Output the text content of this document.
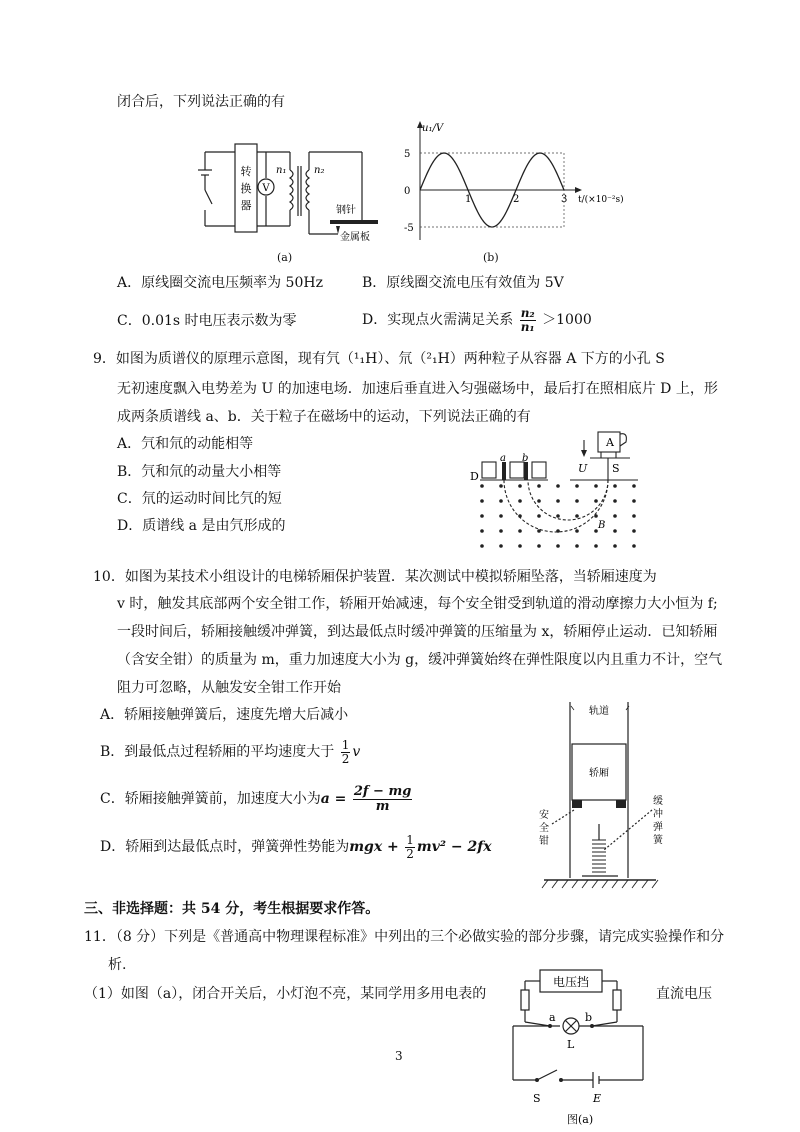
闭合后，下列说法正确的有
转
换
器
V
n₁	n₂
钢针
金属板
(a)
1	2	3
5
0
-5
u₁/V
t/(×10⁻²s)
(b)
A．原线圈交流电压频率为 50Hz	B．原线圈交流电压有效值为 5V
C．0.01s 时电压表示数为零	D．实现点火需满足关系 $\frac{\text{n₂}}{\text{n₁}} >1000$
9．如图为质谱仪的原理示意图，现有氕（¹₁H）、氘（²₁H）两种粒子从容器 A 下方的小孔 S
无初速度飘入电势差为 U 的加速电场．加速后垂直进入匀强磁场中，最后打在照相底片 D 上，形
成两条质谱线 a、b．关于粒子在磁场中的运动，下列说法正确的有
A．氕和氘的动能相等
B．氕和氘的动量大小相等
C．氘的运动时间比氕的短
D．质谱线 a 是由氕形成的
A
U S
D
a b
B
10．如图为某技术小组设计的电梯轿厢保护装置．某次测试中模拟轿厢坠落，当轿厢速度为
v 时，触发其底部两个安全钳工作，轿厢开始减速，每个安全钳受到轨道的滑动摩擦力大小恒为 f;
一段时间后，轿厢接触缓冲弹簧，到达最低点时缓冲弹簧的压缩量为 x，轿厢停止运动．已知轿厢
（含安全钳）的质量为 m，重力加速度大小为 g，缓冲弹簧始终在弹性限度以内且重力不计，空气
阻力可忽略，从触发安全钳工作开始
A．轿厢接触弹簧后，速度先增大后减小
B．到最低点过程轿厢的平均速度大于 $\frac{1}{2}$ v
C．轿厢接触弹簧前，加速度大小为$a = \frac{2f - mg}{m}$
D．轿厢到达最低点时，弹簧弹性势能为mgx + $\frac{1}{2} mv^2 - 2fx$
轨道
轿厢
安
全
钳
缓
冲
弹
簧
三、非选择题：共 54 分，考生根据要求作答。
11．（8 分）下列是《普通高中物理课程标准》中列出的三个必做实验的部分步骤，请完成实验操作和分
析.
（1）如图（a），闭合开关后，小灯泡不亮，某同学用多用电表的	直流电压
电压挡
a	b
L
S	E
图(a)
3
